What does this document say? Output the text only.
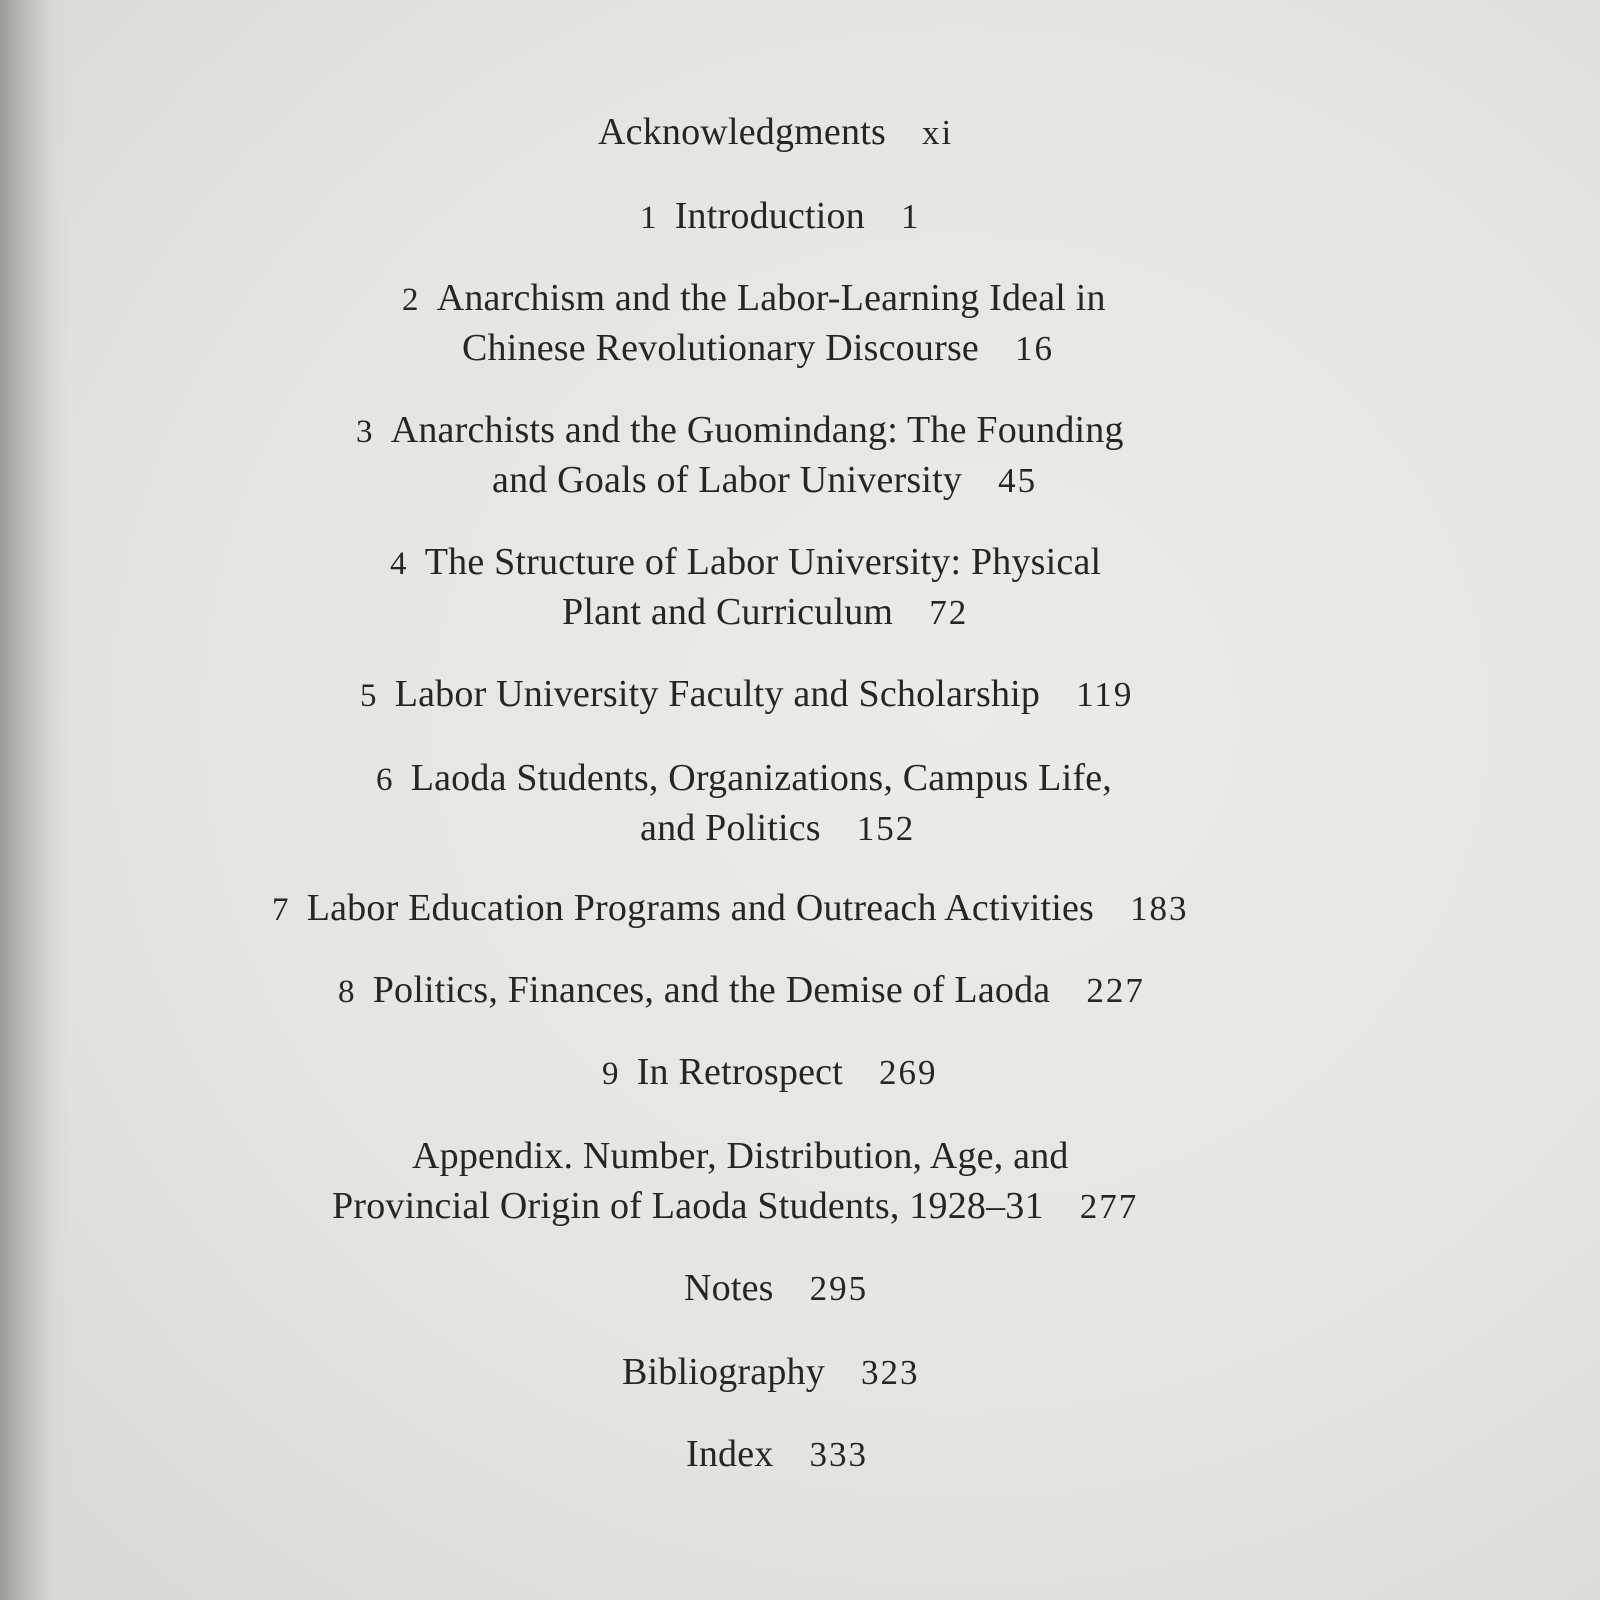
Acknowledgments xi
1 Introduction 1
2 Anarchism and the Labor-Learning Ideal in
Chinese Revolutionary Discourse 16
3 Anarchists and the Guomindang: The Founding
and Goals of Labor University 45
4 The Structure of Labor University: Physical
Plant and Curriculum 72
5 Labor University Faculty and Scholarship 119
6 Laoda Students, Organizations, Campus Life,
and Politics 152
7 Labor Education Programs and Outreach Activities 183
8 Politics, Finances, and the Demise of Laoda 227
9 In Retrospect 269
Appendix. Number, Distribution, Age, and
Provincial Origin of Laoda Students, 1928–31 277
Notes 295
Bibliography 323
Index 333
